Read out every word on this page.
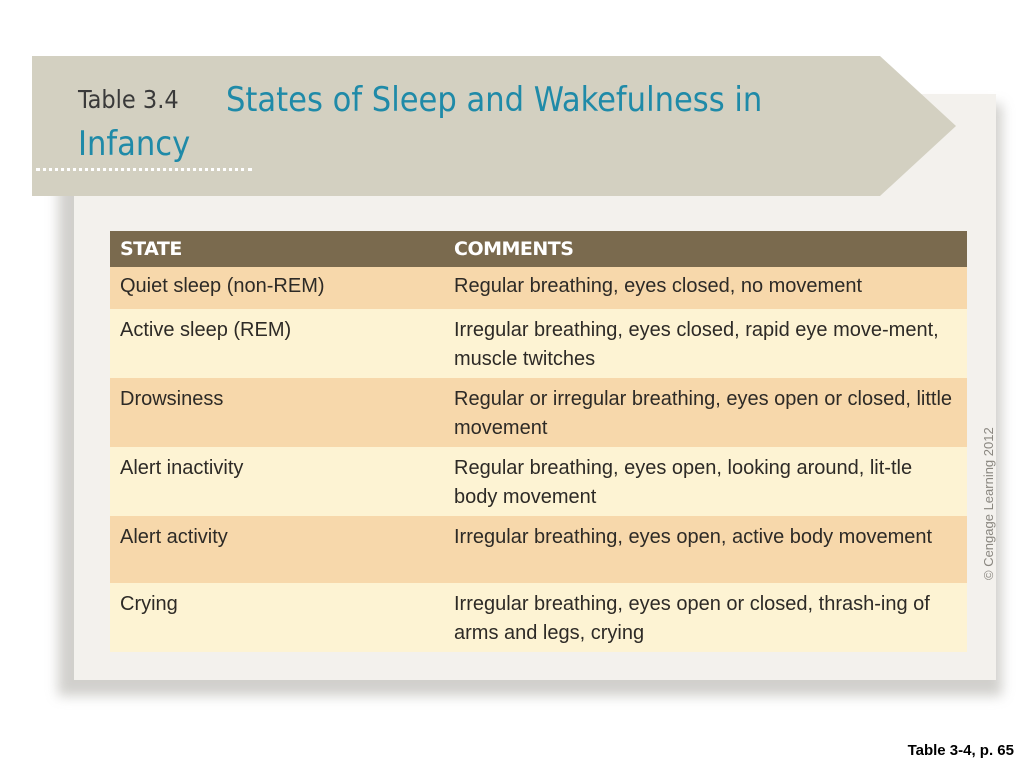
Table 3.4	States of Sleep and Wakefulness in Infancy
STATE	COMMENTS
Quiet sleep (non-REM)	Regular breathing, eyes closed, no movement
Active sleep (REM)	Irregular breathing, eyes closed, rapid eye move-ment, muscle twitches
Drowsiness	Regular or irregular breathing, eyes open or closed, little movement
Alert inactivity	Regular breathing, eyes open, looking around, lit-tle body movement
Alert activity	Irregular breathing, eyes open, active body movement
Crying	Irregular breathing, eyes open or closed, thrash-ing of arms and legs, crying
© Cengage Learning 2012
Table 3-4, p. 65
